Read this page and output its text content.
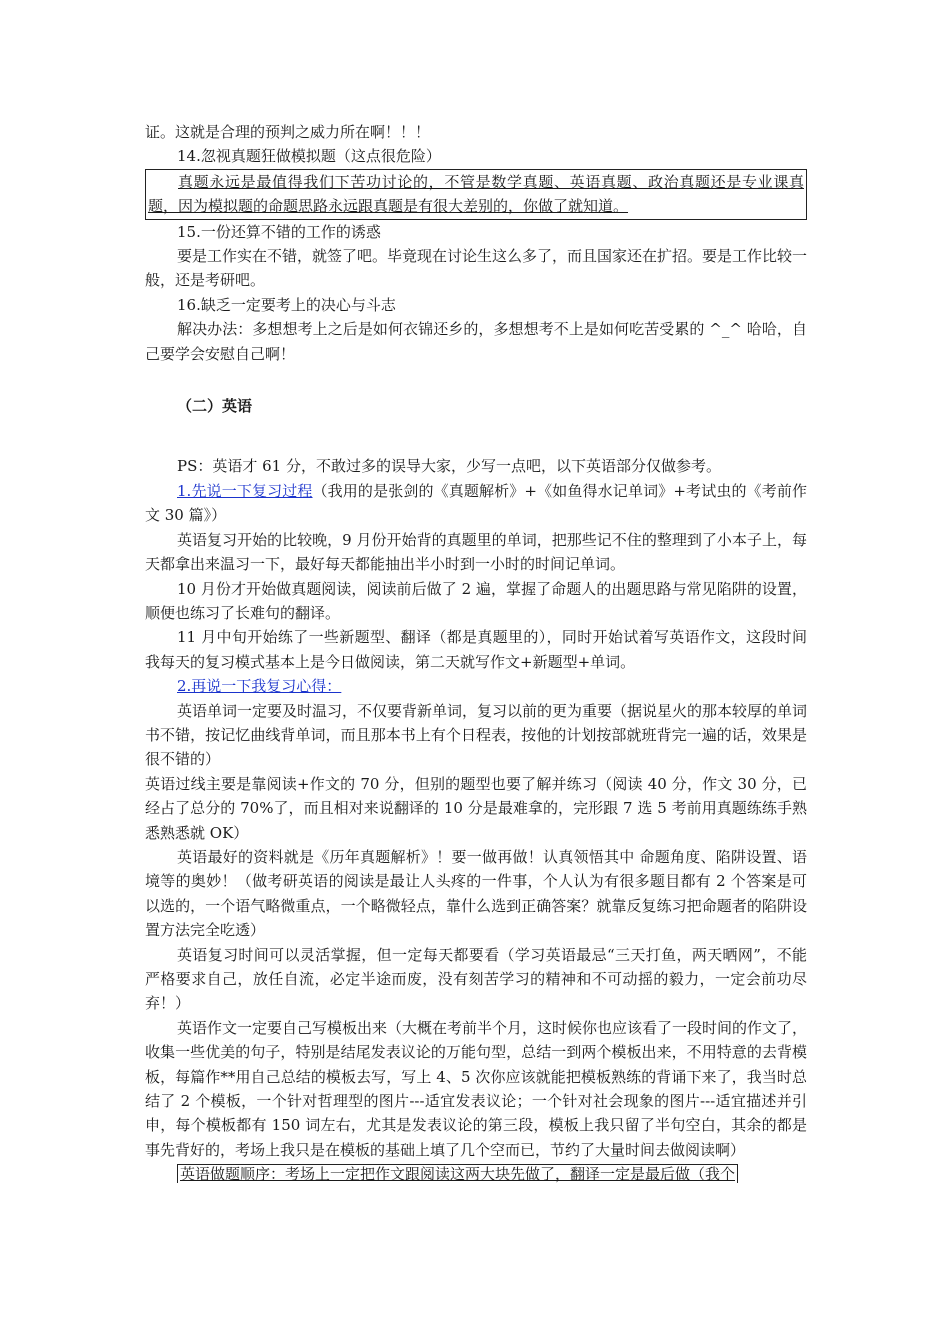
证。这就是合理的预判之威力所在啊！！！

14.忽视真题狂做模拟题（这点很危险）

真题永远是最值得我们下苦功讨论的，不管是数学真题、英语真题、政治真题还是专业课真题，因为模拟题的命题思路永远跟真题是有很大差别的，你做了就知道。

15.一份还算不错的工作的诱惑

要是工作实在不错，就签了吧。毕竟现在讨论生这么多了，而且国家还在扩招。要是工作比较一般，还是考研吧。

16.缺乏一定要考上的决心与斗志

解决办法：多想想考上之后是如何衣锦还乡的，多想想考不上是如何吃苦受累的 ^_^ 哈哈，自己要学会安慰自己啊！

（二）英语

PS：英语才 61 分，不敢过多的误导大家，少写一点吧，以下英语部分仅做参考。

1.先说一下复习过程（我用的是张剑的《真题解析》+《如鱼得水记单词》+考试虫的《考前作文 30 篇》）

英语复习开始的比较晚，9 月份开始背的真题里的单词，把那些记不住的整理到了小本子上，每天都拿出来温习一下，最好每天都能抽出半小时到一小时的时间记单词。

10 月份才开始做真题阅读，阅读前后做了 2 遍，掌握了命题人的出题思路与常见陷阱的设置，顺便也练习了长难句的翻译。

11 月中旬开始练了一些新题型、翻译（都是真题里的），同时开始试着写英语作文，这段时间我每天的复习模式基本上是今日做阅读，第二天就写作文+新题型+单词。

2.再说一下我复习心得：

英语单词一定要及时温习，不仅要背新单词，复习以前的更为重要（据说星火的那本较厚的单词书不错，按记忆曲线背单词，而且那本书上有个日程表，按他的计划按部就班背完一遍的话，效果是很不错的）

英语过线主要是靠阅读+作文的 70 分，但别的题型也要了解并练习（阅读 40 分，作文 30 分，已经占了总分的 70%了，而且相对来说翻译的 10 分是最难拿的，完形跟 7 选 5 考前用真题练练手熟悉熟悉就 OK）

英语最好的资料就是《历年真题解析》！要一做再做！认真领悟其中 命题角度、陷阱设置、语境等的奥妙！（做考研英语的阅读是最让人头疼的一件事，个人认为有很多题目都有 2 个答案是可以选的，一个语气略微重点，一个略微轻点，靠什么选到正确答案？就靠反复练习把命题者的陷阱设置方法完全吃透）

英语复习时间可以灵活掌握，但一定每天都要看（学习英语最忌“三天打鱼，两天晒网”，不能严格要求自己，放任自流，必定半途而废，没有刻苦学习的精神和不可动摇的毅力，一定会前功尽弃！）

英语作文一定要自己写模板出来（大概在考前半个月，这时候你也应该看了一段时间的作文了，收集一些优美的句子，特别是结尾发表议论的万能句型，总结一到两个模板出来，不用特意的去背模板，每篇作**用自己总结的模板去写，写上 4、5 次你应该就能把模板熟练的背诵下来了，我当时总结了 2 个模板，一个针对哲理型的图片---适宜发表议论；一个针对社会现象的图片---适宜描述并引申，每个模板都有 150 词左右，尤其是发表议论的第三段，模板上我只留了半句空白，其余的都是事先背好的，考场上我只是在模板的基础上填了几个空而已，节约了大量时间去做阅读啊）

英语做题顺序：考场上一定把作文跟阅读这两大块先做了，翻译一定是最后做（我个
